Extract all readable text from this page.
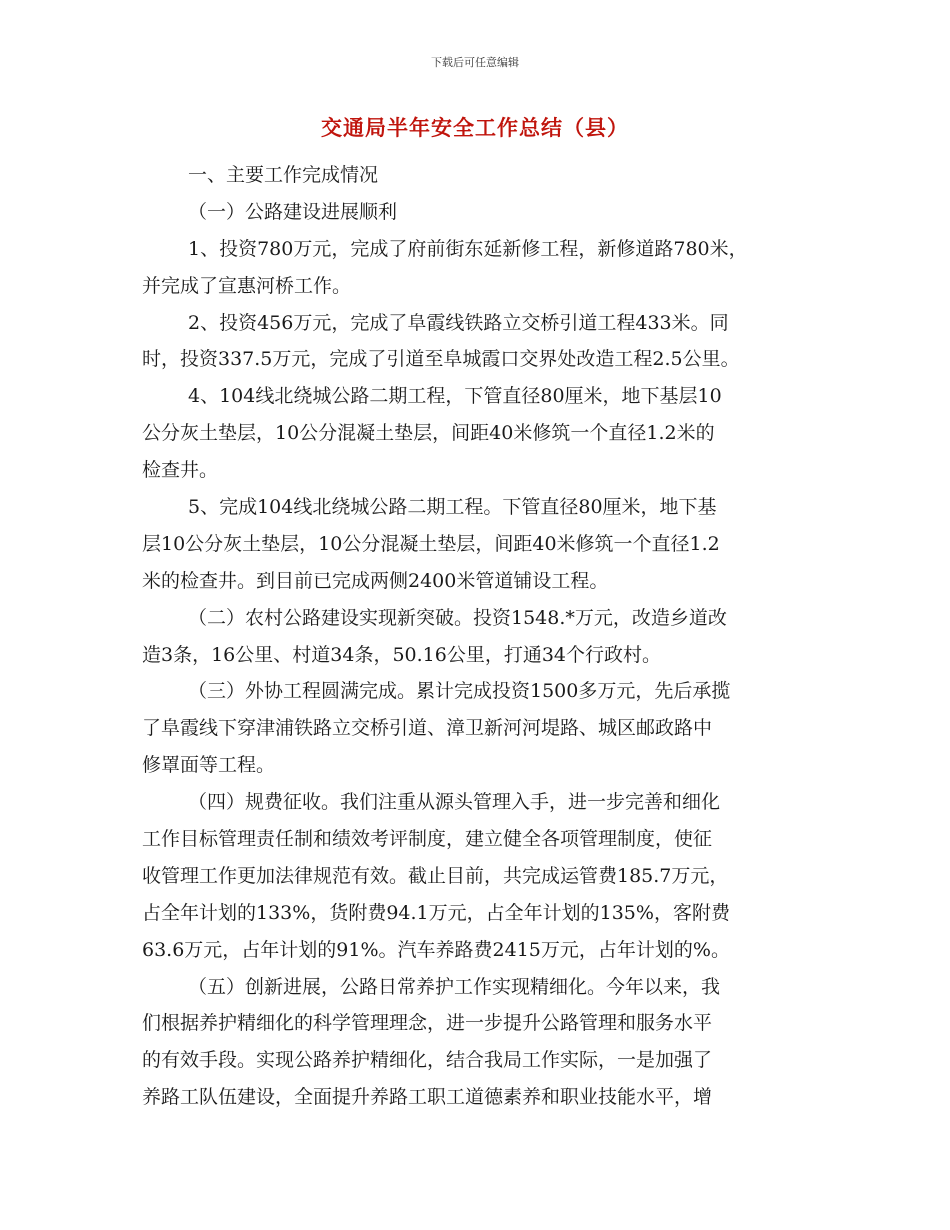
下载后可任意编辑
交通局半年安全工作总结（县）
一、主要工作完成情况
（一）公路建设进展顺利
1、投资780万元，完成了府前街东延新修工程，新修道路780米，
并完成了宣惠河桥工作。
2、投资456万元，完成了阜霞线铁路立交桥引道工程433米。同
时，投资337.5万元，完成了引道至阜城霞口交界处改造工程2.5公里。
4、104线北绕城公路二期工程，下管直径80厘米，地下基层10
公分灰土垫层，10公分混凝土垫层，间距40米修筑一个直径1.2米的
检查井。
5、完成104线北绕城公路二期工程。下管直径80厘米，地下基
层10公分灰土垫层，10公分混凝土垫层，间距40米修筑一个直径1.2
米的检查井。到目前已完成两侧2400米管道铺设工程。
（二）农村公路建设实现新突破。投资1548.*万元，改造乡道改
造3条，16公里、村道34条，50.16公里，打通34个行政村。
（三）外协工程圆满完成。累计完成投资1500多万元，先后承揽
了阜霞线下穿津浦铁路立交桥引道、漳卫新河河堤路、城区邮政路中
修罩面等工程。
（四）规费征收。我们注重从源头管理入手，进一步完善和细化
工作目标管理责任制和绩效考评制度，建立健全各项管理制度，使征
收管理工作更加法律规范有效。截止目前，共完成运管费185.7万元，
占全年计划的133%，货附费94.1万元，占全年计划的135%，客附费
63.6万元，占年计划的91%。汽车养路费2415万元，占年计划的%。
（五）创新进展，公路日常养护工作实现精细化。今年以来，我
们根据养护精细化的科学管理理念，进一步提升公路管理和服务水平
的有效手段。实现公路养护精细化，结合我局工作实际，一是加强了
养路工队伍建设，全面提升养路工职工道德素养和职业技能水平，增
